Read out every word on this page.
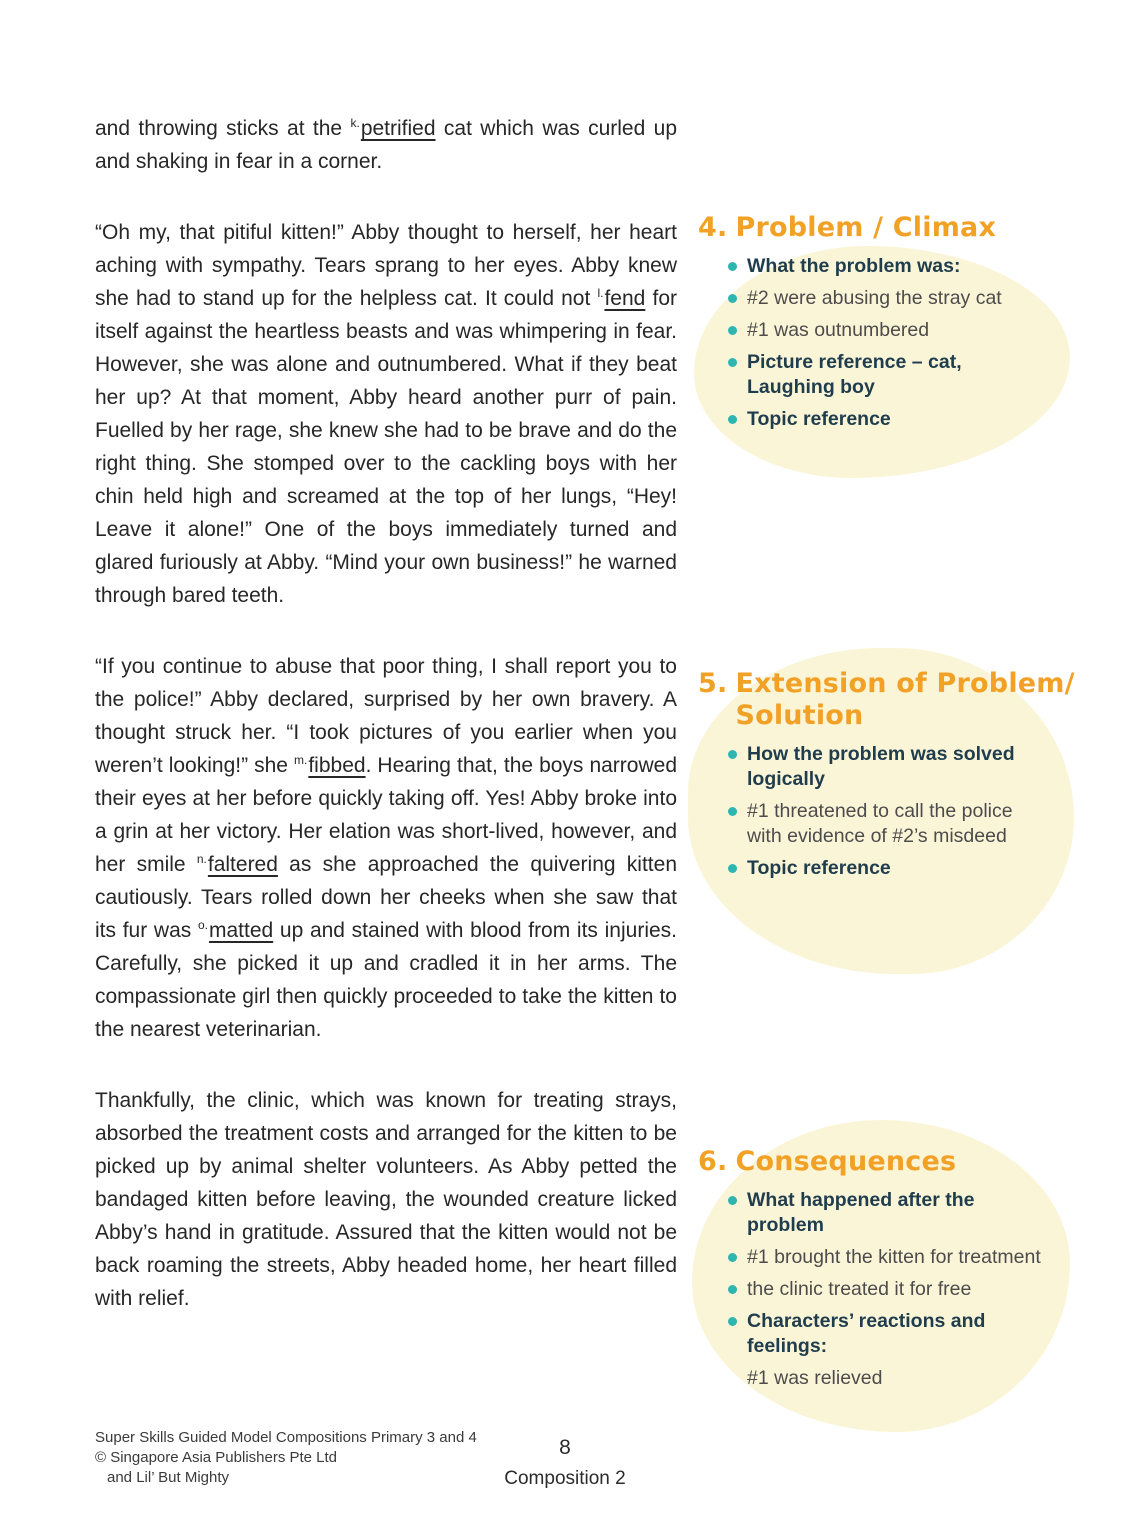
and throwing sticks at the $^{k.}$petrified cat which was curled up and shaking in fear in a corner.

“Oh my, that pitiful kitten!” Abby thought to herself, her heart aching with sympathy. Tears sprang to her eyes. Abby knew she had to stand up for the helpless cat. It could not $^{l.}$fend for itself against the heartless beasts and was whimpering in fear. However, she was alone and outnumbered. What if they beat her up? At that moment, Abby heard another purr of pain. Fuelled by her rage, she knew she had to be brave and do the right thing. She stomped over to the cackling boys with her chin held high and screamed at the top of her lungs, “Hey! Leave it alone!” One of the boys immediately turned and glared furiously at Abby. “Mind your own business!” he warned through bared teeth.

“If you continue to abuse that poor thing, I shall report you to the police!” Abby declared, surprised by her own bravery. A thought struck her. “I took pictures of you earlier when you weren’t looking!” she $^{m.}$fibbed. Hearing that, the boys narrowed their eyes at her before quickly taking off. Yes! Abby broke into a grin at her victory. Her elation was short-lived, however, and her smile $^{n.}$faltered as she approached the quivering kitten cautiously. Tears rolled down her cheeks when she saw that its fur was $^{o.}$matted up and stained with blood from its injuries. Carefully, she picked it up and cradled it in her arms. The compassionate girl then quickly proceeded to take the kitten to the nearest veterinarian.

Thankfully, the clinic, which was known for treating strays, absorbed the treatment costs and arranged for the kitten to be picked up by animal shelter volunteers. As Abby petted the bandaged kitten before leaving, the wounded creature licked Abby’s hand in gratitude. Assured that the kitten would not be back roaming the streets, Abby headed home, her heart filled with relief.

4. Problem / Climax
What the problem was:
#2 were abusing the stray cat
#1 was outnumbered
Picture reference – cat, Laughing boy
Topic reference
5. Extension of Problem/ Solution
How the problem was solved logically
#1 threatened to call the police with evidence of #2’s misdeed
Topic reference
6. Consequences
What happened after the problem
#1 brought the kitten for treatment
the clinic treated it for free
Characters’ reactions and feelings:
#1 was relieved
Super Skills Guided Model Compositions Primary 3 and 4
© Singapore Asia Publishers Pte Ltd
and Lil’ But Mighty
8
Composition 2
